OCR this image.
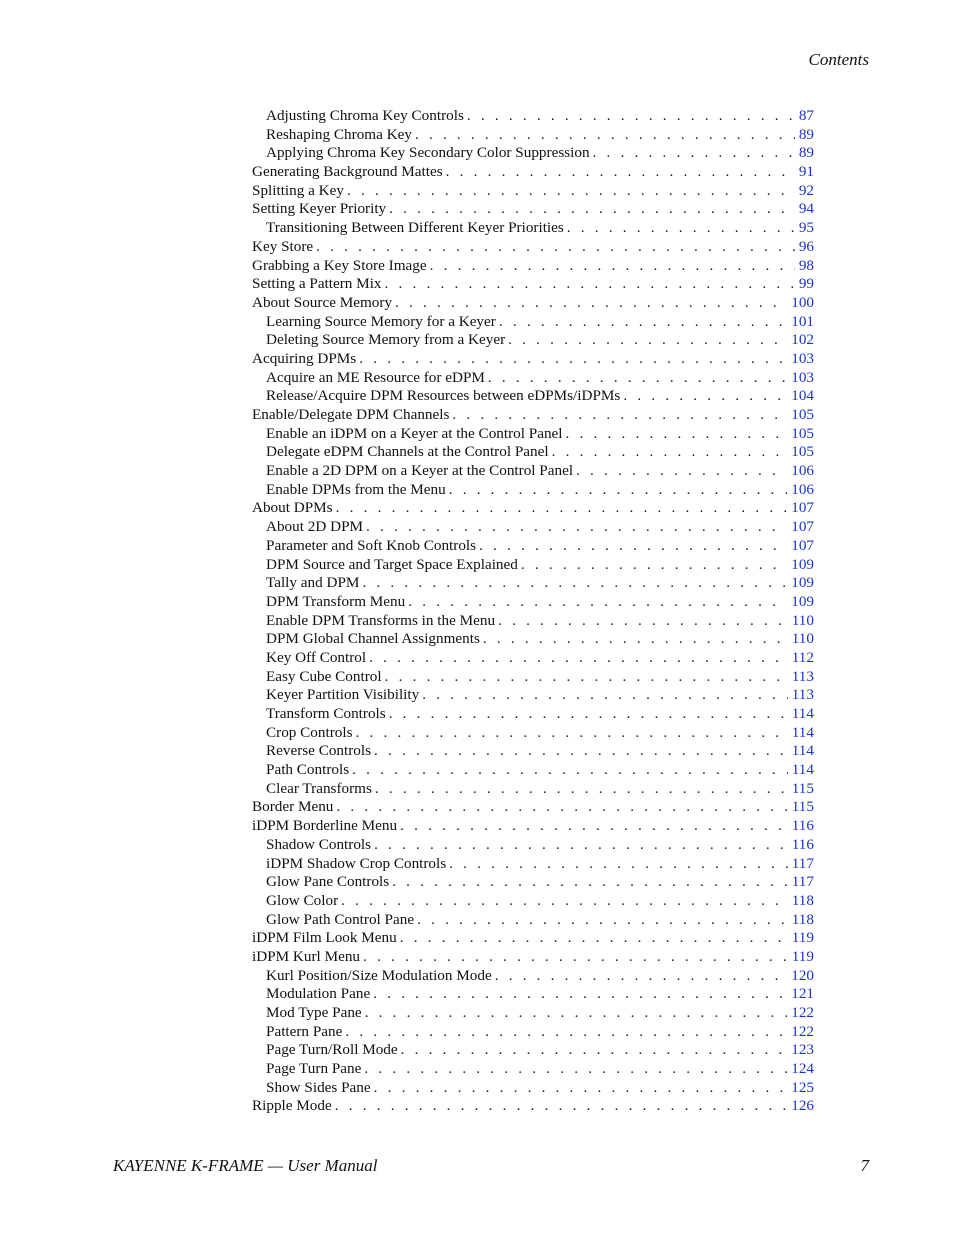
Contents
Adjusting Chroma Key Controls . . .	87
Reshaping Chroma Key . . .	89
Applying Chroma Key Secondary Color Suppression . . .	89
Generating Background Mattes . . .	91
Splitting a Key . . .	92
Setting Keyer Priority . . .	94
Transitioning Between Different Keyer Priorities . . .	95
Key Store . . .	96
Grabbing a Key Store Image . . .	98
Setting a Pattern Mix . . .	99
About Source Memory . . .	100
Learning Source Memory for a Keyer . . .	101
Deleting Source Memory from a Keyer . . .	102
Acquiring DPMs . . .	103
Acquire an ME Resource for eDPM . . .	103
Release/Acquire DPM Resources between eDPMs/iDPMs . . .	104
Enable/Delegate DPM Channels . . .	105
Enable an iDPM on a Keyer at the Control Panel . . .	105
Delegate eDPM Channels at the Control Panel . . .	105
Enable a 2D DPM on a Keyer at the Control Panel . . .	106
Enable DPMs from the Menu . . .	106
About DPMs . . .	107
About 2D DPM . . .	107
Parameter and Soft Knob Controls . . .	107
DPM Source and Target Space Explained . . .	109
Tally and DPM . . .	109
DPM Transform Menu . . .	109
Enable DPM Transforms in the Menu . . .	110
DPM Global Channel Assignments . . .	110
Key Off Control . . .	112
Easy Cube Control . . .	113
Keyer Partition Visibility . . .	113
Transform Controls . . .	114
Crop Controls . . .	114
Reverse Controls . . .	114
Path Controls . . .	114
Clear Transforms . . .	115
Border Menu . . .	115
iDPM Borderline Menu . . .	116
Shadow Controls . . .	116
iDPM Shadow Crop Controls . . .	117
Glow Pane Controls . . .	117
Glow Color . . .	118
Glow Path Control Pane . . .	118
iDPM Film Look Menu . . .	119
iDPM Kurl Menu . . .	119
Kurl Position/Size Modulation Mode . . .	120
Modulation Pane . . .	121
Mod Type Pane . . .	122
Pattern Pane . . .	122
Page Turn/Roll Mode . . .	123
Page Turn Pane . . .	124
Show Sides Pane . . .	125
Ripple Mode . . .	126
KAYENNE K-FRAME — User Manual	7
